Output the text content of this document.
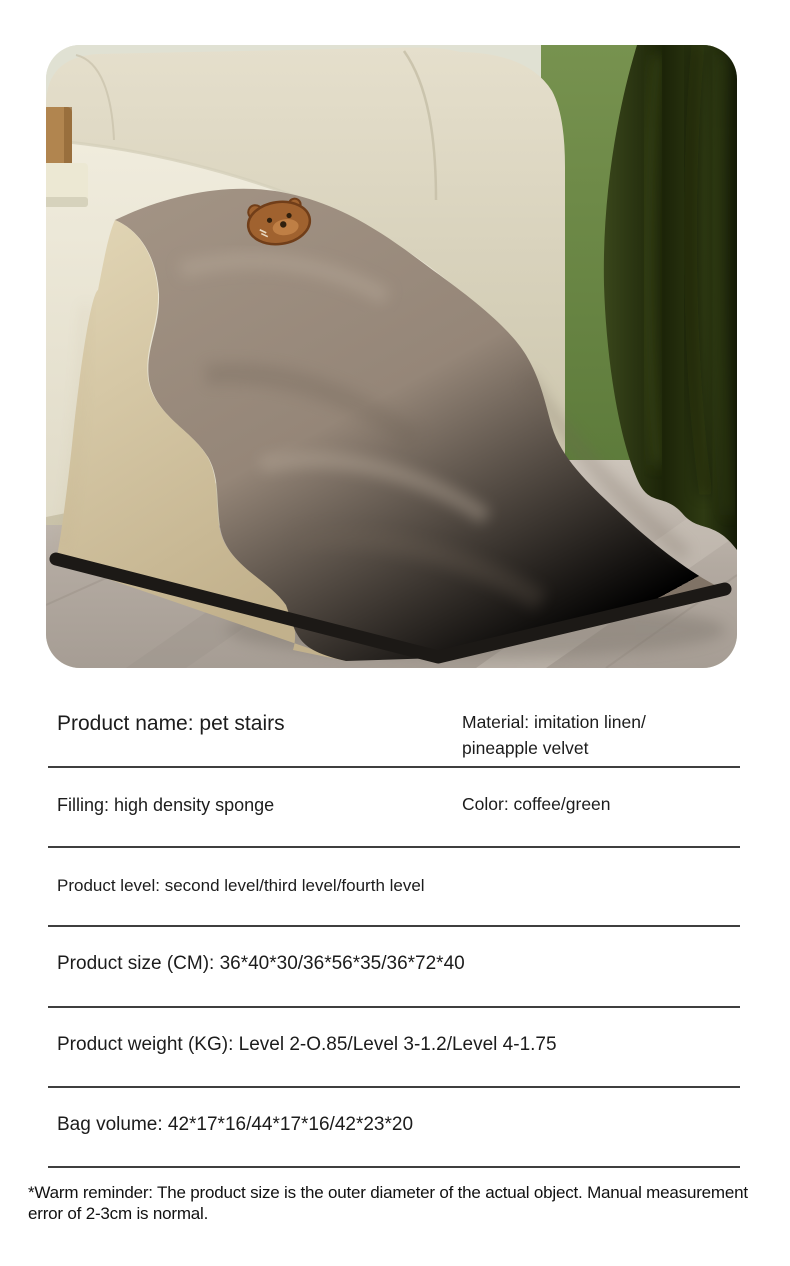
Product name: pet stairs	Material: imitation linen/
pineapple velvet
Filling: high density sponge	Color: coffee/green
Product level: second level/third level/fourth level
Product size (CM): 36*40*30/36*56*35/36*72*40
Product weight (KG): Level 2-O.85/Level 3-1.2/Level 4-1.75
Bag volume: 42*17*16/44*17*16/42*23*20
*Warm reminder: The product size is the outer diameter of the actual object. Manual measurement error of 2-3cm is normal.
